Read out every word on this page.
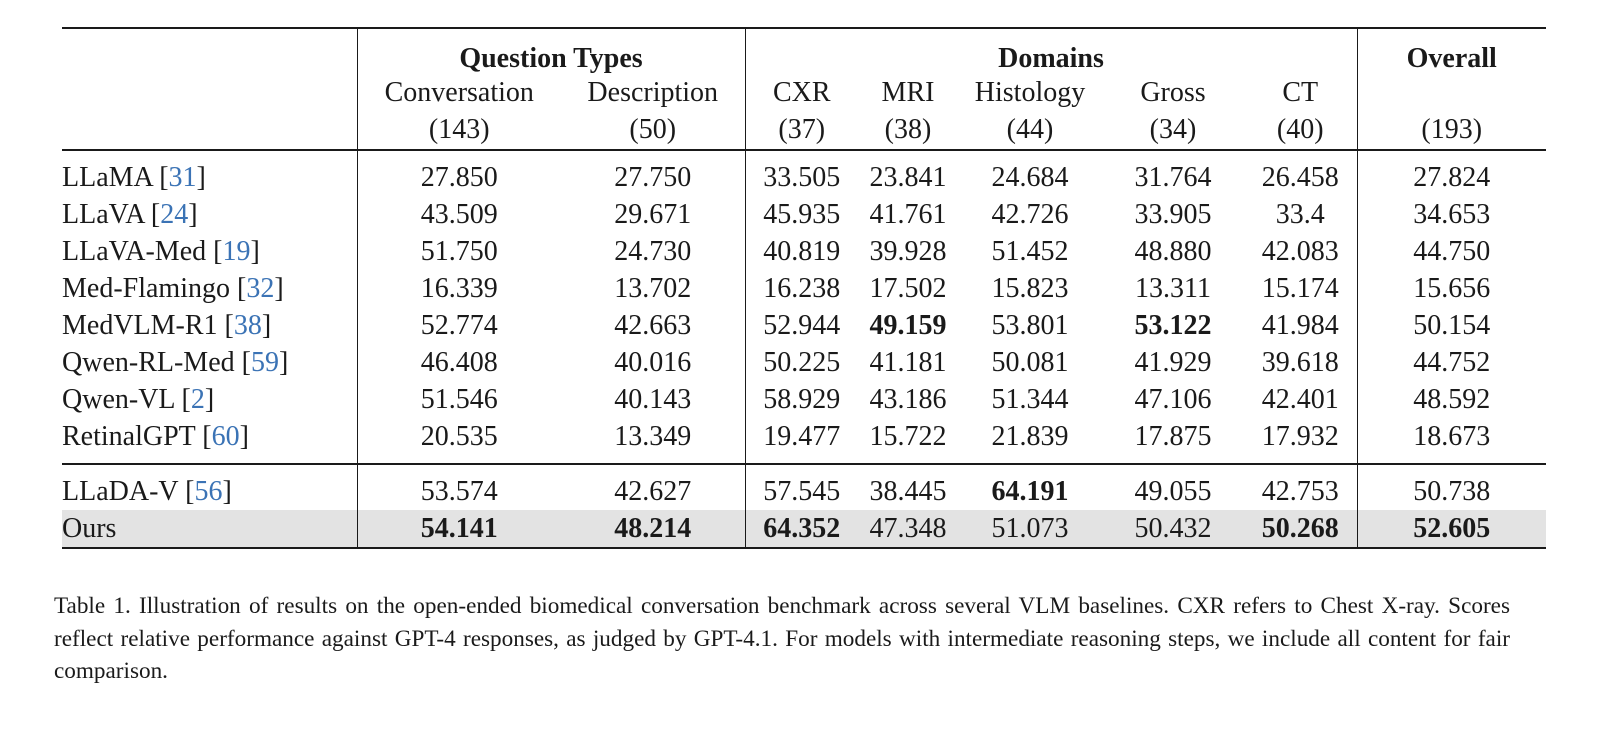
	Question Types		Domains					Overall
	Conversation	Description	CXR	MRI	Histology	Gross	CT	
	(143)	(50)	(37)	(38)	(44)	(34)	(40)	(193)

LLaMA [31]	27.850	27.750	33.505	23.841	24.684	31.764	26.458	27.824
LLaVA [24]	43.509	29.671	45.935	41.761	42.726	33.905	33.4	34.653
LLaVA-Med [19]	51.750	24.730	40.819	39.928	51.452	48.880	42.083	44.750
Med-Flamingo [32]	16.339	13.702	16.238	17.502	15.823	13.311	15.174	15.656
MedVLM-R1 [38]	52.774	42.663	52.944	49.159	53.801	53.122	41.984	50.154
Qwen-RL-Med [59]	46.408	40.016	50.225	41.181	50.081	41.929	39.618	44.752
Qwen-VL [2]	51.546	40.143	58.929	43.186	51.344	47.106	42.401	48.592
RetinalGPT [60]	20.535	13.349	19.477	15.722	21.839	17.875	17.932	18.673

LLaDA-V [56]	53.574	42.627	57.545	38.445	64.191	49.055	42.753	50.738
Ours	54.141	48.214	64.352	47.348	51.073	50.432	50.268	52.605

Table 1. Illustration of results on the open-ended biomedical conversation benchmark across several VLM baselines. CXR refers to Chest X-ray. Scores reflect relative performance against GPT-4 responses, as judged by GPT-4.1. For models with intermediate reasoning steps, we include all content for fair comparison.
